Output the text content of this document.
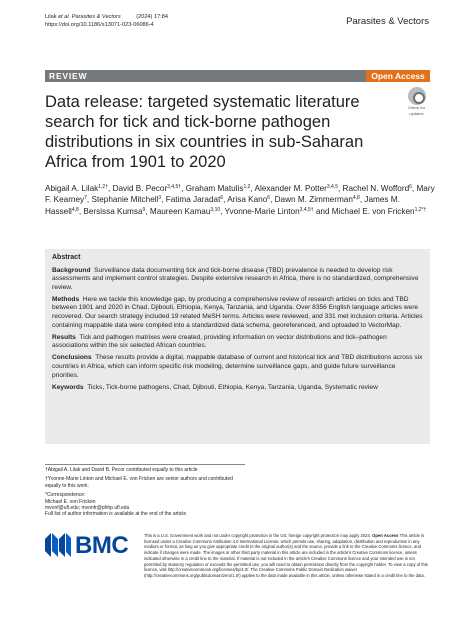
Lilak et al. Parasites & Vectors          (2024) 17:84
https://doi.org/10.1186/s13071-023-06086-4	Parasites & Vectors
REVIEW	Open Access
Check for
updates
Data release: targeted systematic literature search for tick and tick-borne pathogen distributions in six countries in sub-Saharan Africa from 1901 to 2020
Abigail A. Lilak$^{1,2\dagger}$, David B. Pecor$^{3,4,5\dagger}$, Graham Matulis$^{1,2}$, Alexander M. Potter$^{3,4,5}$, Rachel N. Wofford$^6$, Mary F. Kearney$^7$, Stephanie Mitchell$^3$, Fatima Jaradat$^6$, Arisa Kano$^6$, Dawn M. Zimmerman$^{4,8}$, James M. Hassell$^{4,8}$, Bersissa Kumsa$^9$, Maureen Kamau$^{3,10}$, Yvonne-Marie Linton$^{3,4,5\dagger}$ and Michael E. von Fricken$^{1,2*\dagger}$
Abstract

Background Surveillance data documenting tick and tick-borne disease (TBD) prevalence is needed to develop risk assessments and implement control strategies. Despite extensive research in Africa, there is no standardized, comprehensive review.

Methods Here we tackle this knowledge gap, by producing a comprehensive review of research articles on ticks and TBD between 1901 and 2020 in Chad, Djibouti, Ethiopia, Kenya, Tanzania, and Uganda. Over 8356 English language articles were recovered. Our search strategy included 19 related MeSH terms. Articles were reviewed, and 331 met inclusion criteria. Articles containing mappable data were compiled into a standardized data schema, georeferenced, and uploaded to VectorMap.

Results Tick and pathogen matrixes were created, providing information on vector distributions and tick–pathogen associations within the six selected African countries.

Conclusions These results provide a digital, mappable database of current and historical tick and TBD distributions across six countries in Africa, which can inform specific risk modeling, determine surveillance gaps, and guide future surveillance priorities.

Keywords Ticks, Tick-borne pathogens, Chad, Djibouti, Ethiopia, Kenya, Tanzania, Uganda, Systematic review

†Abigail A. Lilak and David B. Pecor contributed equally to this article

†Yvonne-Marie Linton and Michael E. von Fricken are senior authors and contributed equally to this work.

*Correspondence:
Michael E. von Fricken
mvonf@ufl.edu; mvonfr@phhp.ufl.edu
Full list of author information is available at the end of the article
BMC	This is a U.S. Government work and not under copyright protection in the US; foreign copyright protection may apply 2024. Open Access This article is licensed under a Creative Commons Attribution 4.0 International License, which permits use, sharing, adaptation, distribution and reproduction in any medium or format, as long as you give appropriate credit to the original author(s) and the source, provide a link to the Creative Commons licence, and indicate if changes were made. The images or other third party material in this article are included in the article's Creative Commons licence, unless indicated otherwise in a credit line to the material. If material is not included in the article's Creative Commons licence and your intended use is not permitted by statutory regulation or exceeds the permitted use, you will need to obtain permission directly from the copyright holder. To view a copy of this licence, visit http://creativecommons.org/licenses/by/4.0/. The Creative Commons Public Domain Dedication waiver (http://creativecommons.org/publicdomain/zero/1.0/) applies to the data made available in this article, unless otherwise stated in a credit line to the data.
